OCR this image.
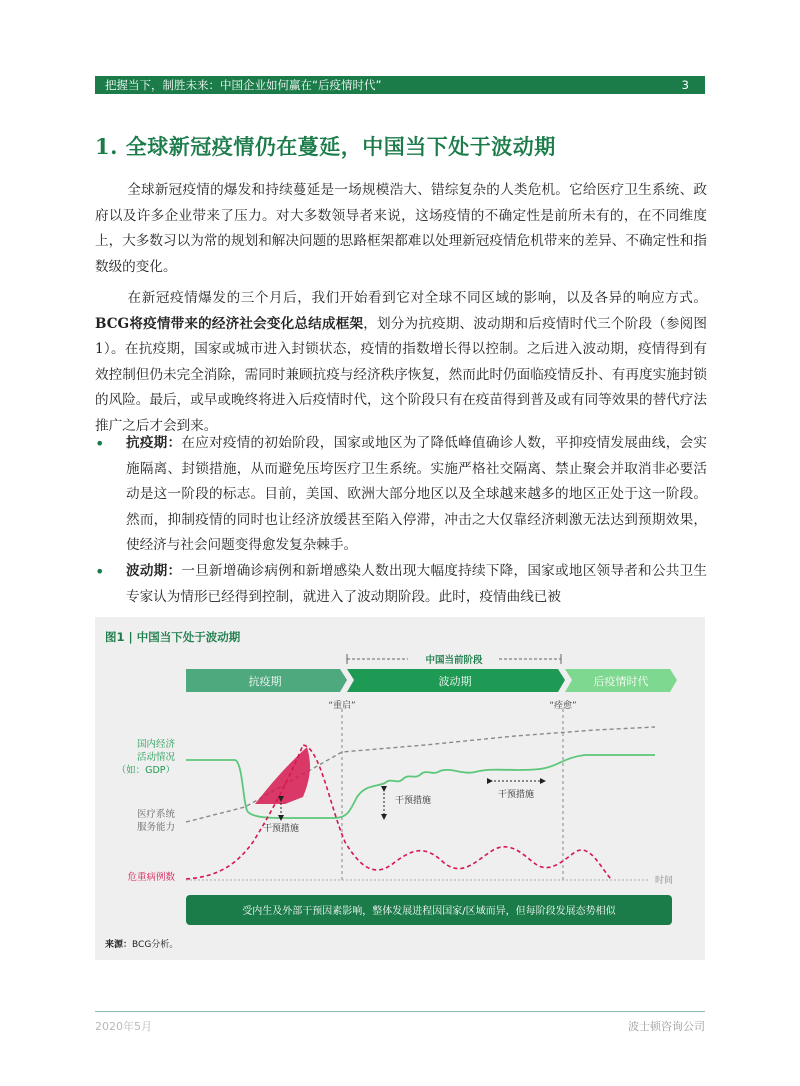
把握当下，制胜未来：中国企业如何赢在“后疫情时代”	3
1. 全球新冠疫情仍在蔓延，中国当下处于波动期

全球新冠疫情的爆发和持续蔓延是一场规模浩大、错综复杂的人类危机。它给医疗卫生系统、政府以及许多企业带来了压力。对大多数领导者来说，这场疫情的不确定性是前所未有的，在不同维度上，大多数习以为常的规划和解决问题的思路框架都难以处理新冠疫情危机带来的差异、不确定性和指数级的变化。

在新冠疫情爆发的三个月后，我们开始看到它对全球不同区域的影响，以及各异的响应方式。BCG将疫情带来的经济社会变化总结成框架，划分为抗疫期、波动期和后疫情时代三个阶段（参阅图1）。在抗疫期，国家或城市进入封锁状态，疫情的指数增长得以控制。之后进入波动期，疫情得到有效控制但仍未完全消除，需同时兼顾抗疫与经济秩序恢复，然而此时仍面临疫情反扑、有再度实施封锁的风险。最后，或早或晚终将进入后疫情时代，这个阶段只有在疫苗得到普及或有同等效果的替代疗法推广之后才会到来。

• 抗疫期：在应对疫情的初始阶段，国家或地区为了降低峰值确诊人数，平抑疫情发展曲线，会实施隔离、封锁措施，从而避免压垮医疗卫生系统。实施严格社交隔离、禁止聚会并取消非必要活动是这一阶段的标志。目前，美国、欧洲大部分地区以及全球越来越多的地区正处于这一阶段。然而，抑制疫情的同时也让经济放缓甚至陷入停滞，冲击之大仅靠经济刺激无法达到预期效果，使经济与社会问题变得愈发复杂棘手。
• 波动期：一旦新增确诊病例和新增感染人数出现大幅度持续下降，国家或地区领导者和公共卫生专家认为情形已经得到控制，就进入了波动期阶段。此时，疫情曲线已被
图1 | 中国当下处于波动期
中国当前阶段
抗疫期	波动期	后疫情时代
“重启”	“痊愈”
时间
国内经济
活动情况
（如：GDP）
医疗系统
服务能力
危重病例数
干预措施
干预措施
干预措施
受内生及外部干预因素影响，整体发展进程因国家/区域而异，但每阶段发展态势相似
来源：BCG分析。
2020年5月	波士顿咨询公司
